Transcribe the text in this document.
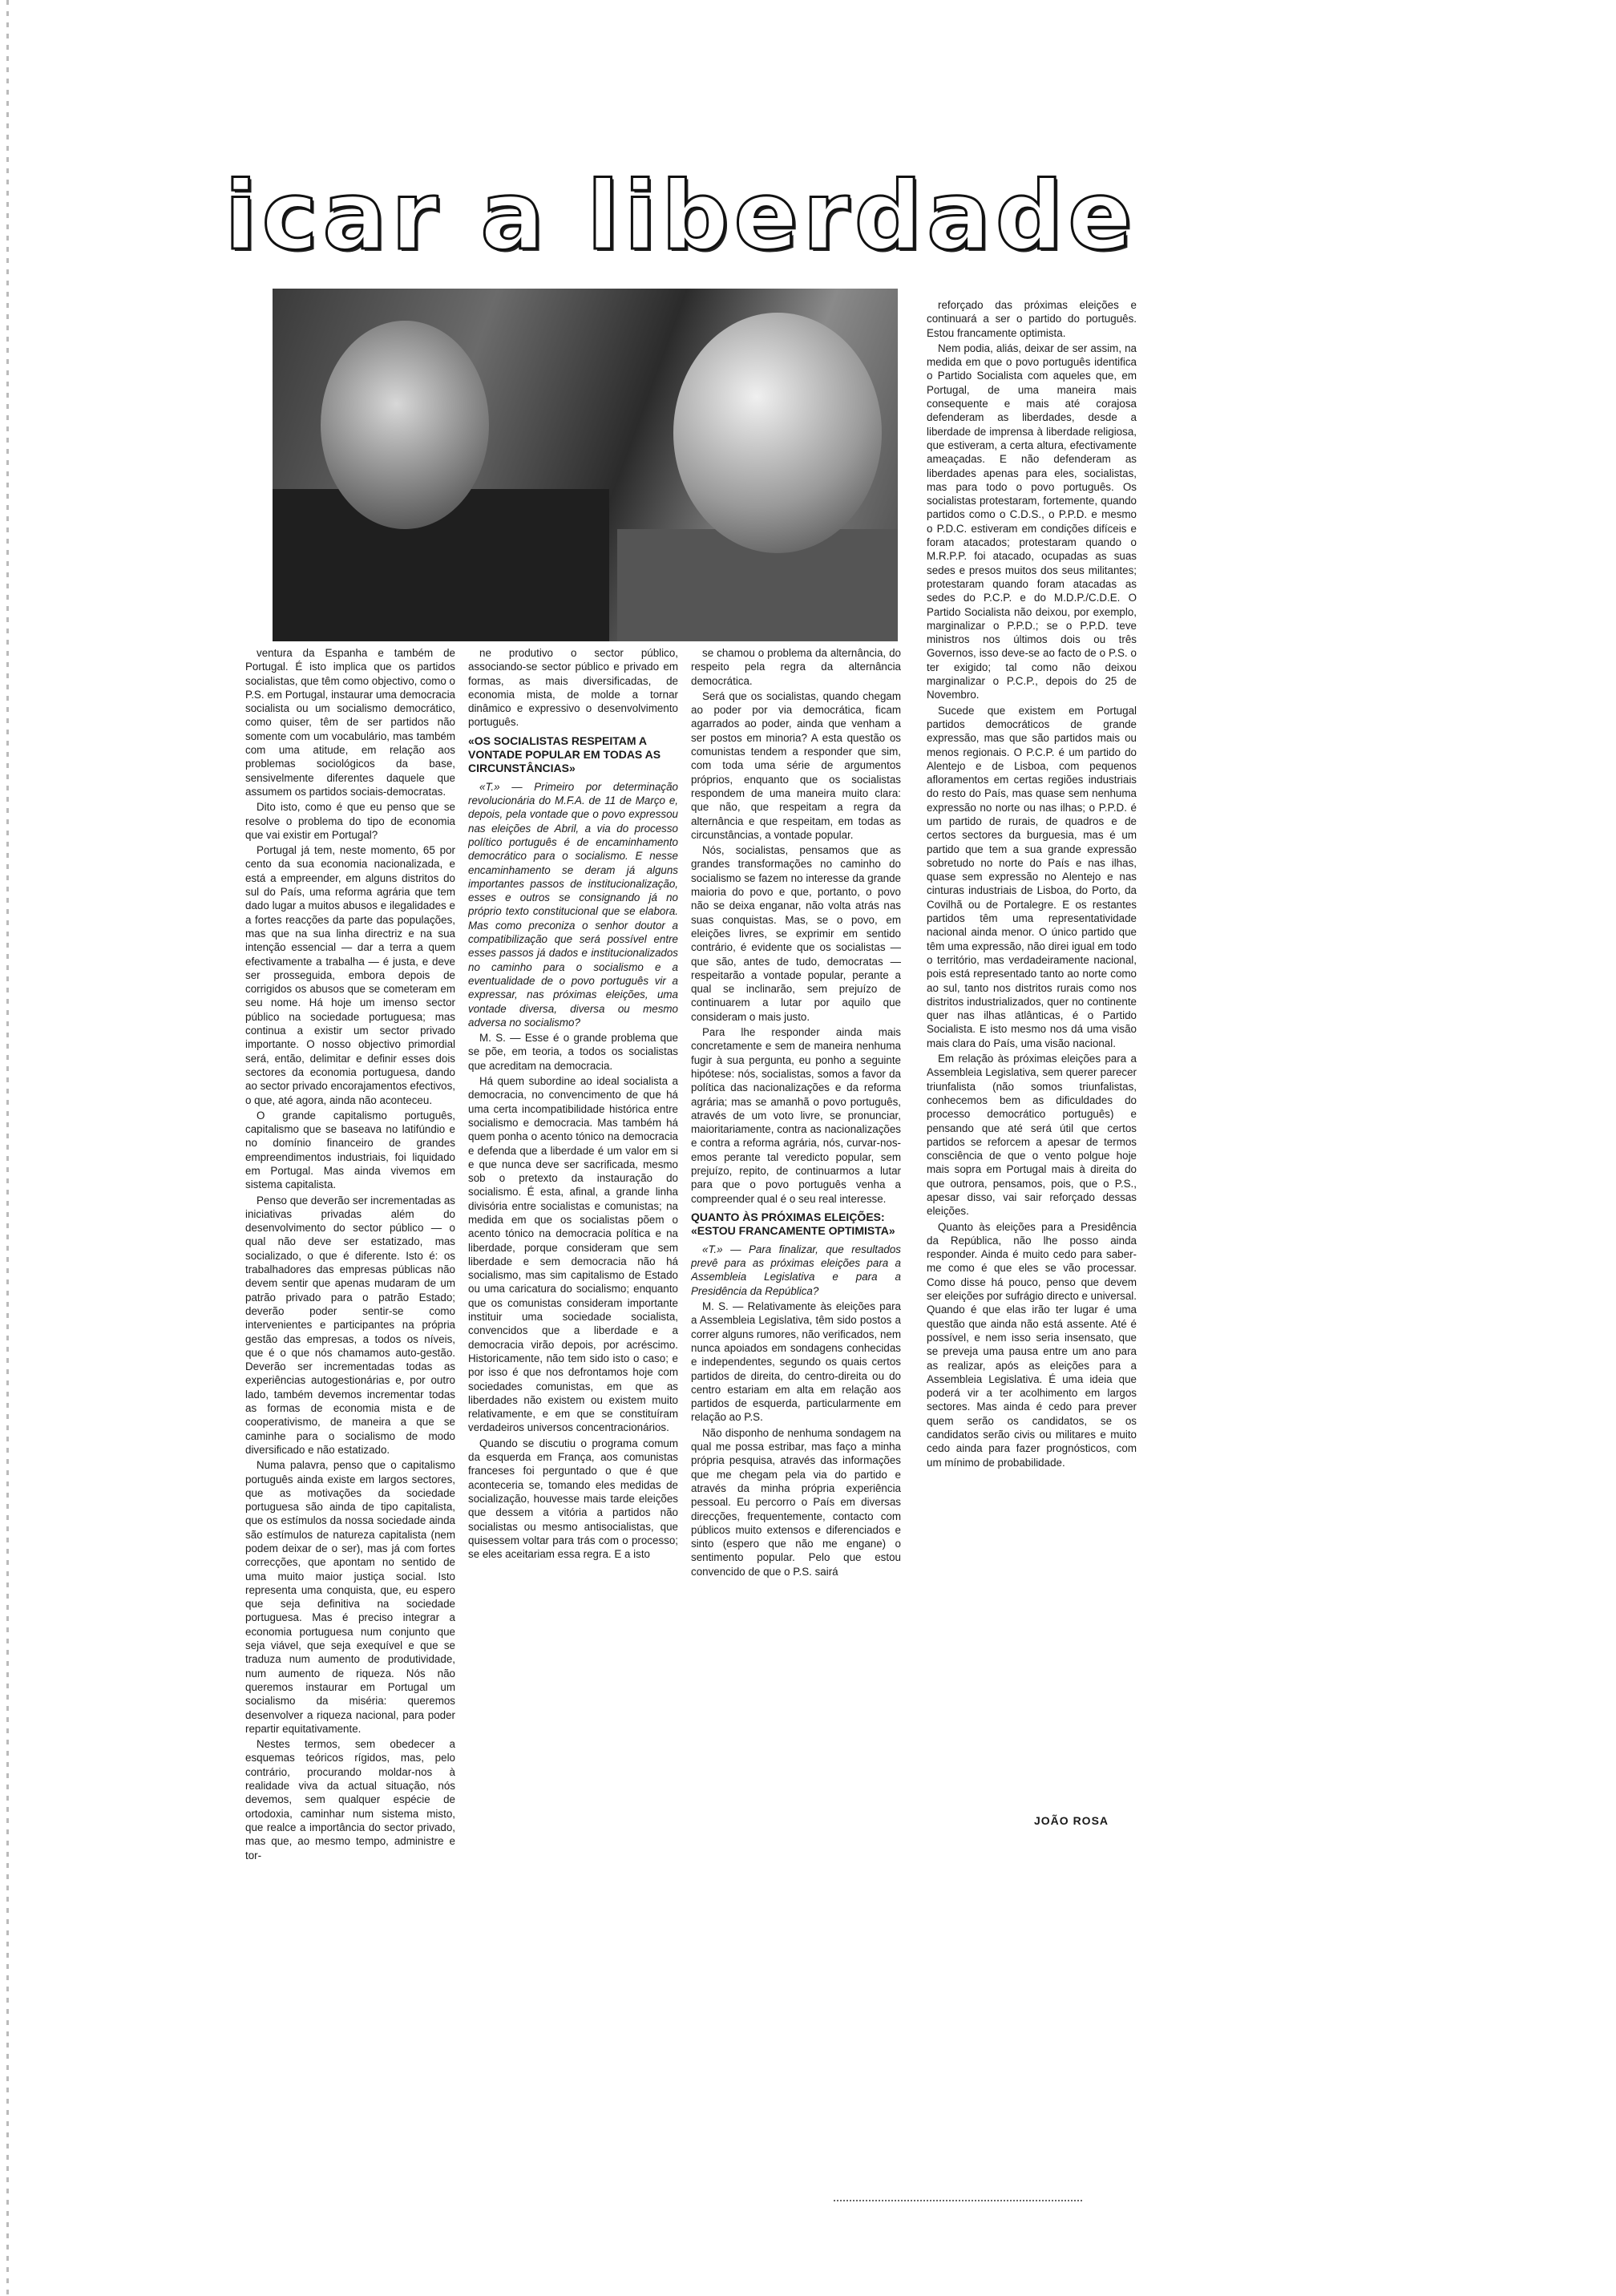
icar a liberdade

ventura da Espanha e também de Portugal. É isto implica que os partidos socialistas, que têm como objectivo, como o P.S. em Portugal, instaurar uma democracia socialista ou um socialismo democrático, como quiser, têm de ser partidos não somente com um vocabulário, mas também com uma atitude, em relação aos problemas sociológicos da base, sensivelmente diferentes daquele que assumem os partidos sociais-democratas.

Dito isto, como é que eu penso que se resolve o problema do tipo de economia que vai existir em Portugal?

Portugal já tem, neste momento, 65 por cento da sua economia nacionalizada, e está a empreender, em alguns distritos do sul do País, uma reforma agrária que tem dado lugar a muitos abusos e ilegalidades e a fortes reacções da parte das populações, mas que na sua linha directriz e na sua intenção essencial — dar a terra a quem efectivamente a trabalha — é justa, e deve ser prosseguida, embora depois de corrigidos os abusos que se cometeram em seu nome. Há hoje um imenso sector público na sociedade portuguesa; mas continua a existir um sector privado importante. O nosso objectivo primordial será, então, delimitar e definir esses dois sectores da economia portuguesa, dando ao sector privado encorajamentos efectivos, o que, até agora, ainda não aconteceu.

O grande capitalismo português, capitalismo que se baseava no latifúndio e no domínio financeiro de grandes empreendimentos industriais, foi liquidado em Portugal. Mas ainda vivemos em sistema capitalista.

Penso que deverão ser incrementadas as iniciativas privadas além do desenvolvimento do sector público — o qual não deve ser estatizado, mas socializado, o que é diferente. Isto é: os trabalhadores das empresas públicas não devem sentir que apenas mudaram de um patrão privado para o patrão Estado; deverão poder sentir-se como intervenientes e participantes na própria gestão das empresas, a todos os níveis, que é o que nós chamamos auto-gestão. Deverão ser incrementadas todas as experiências autogestionárias e, por outro lado, também devemos incrementar todas as formas de economia mista e de cooperativismo, de maneira a que se caminhe para o socialismo de modo diversificado e não estatizado.

Numa palavra, penso que o capitalismo português ainda existe em largos sectores, que as motivações da sociedade portuguesa são ainda de tipo capitalista, que os estímulos da nossa sociedade ainda são estímulos de natureza capitalista (nem podem deixar de o ser), mas já com fortes correcções, que apontam no sentido de uma muito maior justiça social. Isto representa uma conquista, que, eu espero que seja definitiva na sociedade portuguesa. Mas é preciso integrar a economia portuguesa num conjunto que seja viável, que seja exequível e que se traduza num aumento de produtividade, num aumento de riqueza. Nós não queremos instaurar em Portugal um socialismo da miséria: queremos desenvolver a riqueza nacional, para poder repartir equitativamente.

Nestes termos, sem obedecer a esquemas teóricos rígidos, mas, pelo contrário, procurando moldar-nos à realidade viva da actual situação, nós devemos, sem qualquer espécie de ortodoxia, caminhar num sistema misto, que realce a importância do sector privado, mas que, ao mesmo tempo, administre e tor-

ne produtivo o sector público, associando-se sector público e privado em formas, as mais diversificadas, de economia mista, de molde a tornar dinâmico e expressivo o desenvolvimento português.

«OS SOCIALISTAS RESPEITAM A VONTADE POPULAR EM TODAS AS CIRCUNSTÂNCIAS»

«T.» — Primeiro por determinação revolucionária do M.F.A. de 11 de Março e, depois, pela vontade que o povo expressou nas eleições de Abril, a via do processo político português é de encaminhamento democrático para o socialismo. E nesse encaminhamento se deram já alguns importantes passos de institucionalização, esses e outros se consignando já no próprio texto constitucional que se elabora. Mas como preconiza o senhor doutor a compatibilização que será possível entre esses passos já dados e institucionalizados no caminho para o socialismo e a eventualidade de o povo português vir a expressar, nas próximas eleições, uma vontade diversa, diversa ou mesmo adversa no socialismo?

M. S. — Esse é o grande problema que se põe, em teoria, a todos os socialistas que acreditam na democracia.

Há quem subordine ao ideal socialista a democracia, no convencimento de que há uma certa incompatibilidade histórica entre socialismo e democracia. Mas também há quem ponha o acento tónico na democracia e defenda que a liberdade é um valor em si e que nunca deve ser sacrificada, mesmo sob o pretexto da instauração do socialismo. É esta, afinal, a grande linha divisória entre socialistas e comunistas; na medida em que os socialistas põem o acento tónico na democracia política e na liberdade, porque consideram que sem liberdade e sem democracia não há socialismo, mas sim capitalismo de Estado ou uma caricatura do socialismo; enquanto que os comunistas consideram importante instituir uma sociedade socialista, convencidos que a liberdade e a democracia virão depois, por acréscimo. Historicamente, não tem sido isto o caso; e por isso é que nos defrontamos hoje com sociedades comunistas, em que as liberdades não existem ou existem muito relativamente, e em que se constituíram verdadeiros universos concentracionários.

Quando se discutiu o programa comum da esquerda em França, aos comunistas franceses foi perguntado o que é que aconteceria se, tomando eles medidas de socialização, houvesse mais tarde eleições que dessem a vitória a partidos não socialistas ou mesmo antisocialistas, que quisessem voltar para trás com o processo; se eles aceitariam essa regra. E a isto

se chamou o problema da alternância, do respeito pela regra da alternância democrática.

Será que os socialistas, quando chegam ao poder por via democrática, ficam agarrados ao poder, ainda que venham a ser postos em minoria? A esta questão os comunistas tendem a responder que sim, com toda uma série de argumentos próprios, enquanto que os socialistas respondem de uma maneira muito clara: que não, que respeitam a regra da alternância e que respeitam, em todas as circunstâncias, a vontade popular.

Nós, socialistas, pensamos que as grandes transformações no caminho do socialismo se fazem no interesse da grande maioria do povo e que, portanto, o povo não se deixa enganar, não volta atrás nas suas conquistas. Mas, se o povo, em eleições livres, se exprimir em sentido contrário, é evidente que os socialistas — que são, antes de tudo, democratas — respeitarão a vontade popular, perante a qual se inclinarão, sem prejuízo de continuarem a lutar por aquilo que consideram o mais justo.

Para lhe responder ainda mais concretamente e sem de maneira nenhuma fugir à sua pergunta, eu ponho a seguinte hipótese: nós, socialistas, somos a favor da política das nacionalizações e da reforma agrária; mas se amanhã o povo português, através de um voto livre, se pronunciar, maioritariamente, contra as nacionalizações e contra a reforma agrária, nós, curvar-nos-emos perante tal veredicto popular, sem prejuízo, repito, de continuarmos a lutar para que o povo português venha a compreender qual é o seu real interesse.

QUANTO ÀS PRÓXIMAS ELEIÇÕES: «ESTOU FRANCAMENTE OPTIMISTA»

«T.» — Para finalizar, que resultados prevê para as próximas eleições para a Assembleia Legislativa e para a Presidência da República?

M. S. — Relativamente às eleições para a Assembleia Legislativa, têm sido postos a correr alguns rumores, não verificados, nem nunca apoiados em sondagens conhecidas e independentes, segundo os quais certos partidos de direita, do centro-direita ou do centro estariam em alta em relação aos partidos de esquerda, particularmente em relação ao P.S.

Não disponho de nenhuma sondagem na qual me possa estribar, mas faço a minha própria pesquisa, através das informações que me chegam pela via do partido e através da minha própria experiência pessoal. Eu percorro o País em diversas direcções, frequentemente, contacto com públicos muito extensos e diferenciados e sinto (espero que não me engane) o sentimento popular. Pelo que estou convencido de que o P.S. sairá

reforçado das próximas eleições e continuará a ser o partido do português. Estou francamente optimista.

Nem podia, aliás, deixar de ser assim, na medida em que o povo português identifica o Partido Socialista com aqueles que, em Portugal, de uma maneira mais consequente e mais até corajosa defenderam as liberdades, desde a liberdade de imprensa à liberdade religiosa, que estiveram, a certa altura, efectivamente ameaçadas. E não defenderam as liberdades apenas para eles, socialistas, mas para todo o povo português. Os socialistas protestaram, fortemente, quando partidos como o C.D.S., o P.P.D. e mesmo o P.D.C. estiveram em condições difíceis e foram atacados; protestaram quando o M.R.P.P. foi atacado, ocupadas as suas sedes e presos muitos dos seus militantes; protestaram quando foram atacadas as sedes do P.C.P. e do M.D.P./C.D.E. O Partido Socialista não deixou, por exemplo, marginalizar o P.P.D.; se o P.P.D. teve ministros nos últimos dois ou três Governos, isso deve-se ao facto de o P.S. o ter exigido; tal como não deixou marginalizar o P.C.P., depois do 25 de Novembro.

Sucede que existem em Portugal partidos democráticos de grande expressão, mas que são partidos mais ou menos regionais. O P.C.P. é um partido do Alentejo e de Lisboa, com pequenos afloramentos em certas regiões industriais do resto do País, mas quase sem nenhuma expressão no norte ou nas ilhas; o P.P.D. é um partido de rurais, de quadros e de certos sectores da burguesia, mas é um partido que tem a sua grande expressão sobretudo no norte do País e nas ilhas, quase sem expressão no Alentejo e nas cinturas industriais de Lisboa, do Porto, da Covilhã ou de Portalegre. E os restantes partidos têm uma representatividade nacional ainda menor. O único partido que têm uma expressão, não direi igual em todo o território, mas verdadeiramente nacional, pois está representado tanto ao norte como ao sul, tanto nos distritos rurais como nos distritos industrializados, quer no continente quer nas ilhas atlânticas, é o Partido Socialista. E isto mesmo nos dá uma visão mais clara do País, uma visão nacional.

Em relação às próximas eleições para a Assembleia Legislativa, sem querer parecer triunfalista (não somos triunfalistas, conhecemos bem as dificuldades do processo democrático português) e pensando que até será útil que certos partidos se reforcem a apesar de termos consciência de que o vento polgue hoje mais sopra em Portugal mais à direita do que outrora, pensamos, pois, que o P.S., apesar disso, vai sair reforçado dessas eleições.

Quanto às eleições para a Presidência da República, não lhe posso ainda responder. Ainda é muito cedo para saber-me como é que eles se vão processar. Como disse há pouco, penso que devem ser eleições por sufrágio directo e universal. Quando é que elas irão ter lugar é uma questão que ainda não está assente. Até é possível, e nem isso seria insensato, que se preveja uma pausa entre um ano para as realizar, após as eleições para a Assembleia Legislativa. É uma ideia que poderá vir a ter acolhimento em largos sectores. Mas ainda é cedo para prever quem serão os candidatos, se os candidatos serão civis ou militares e muito cedo ainda para fazer prognósticos, com um mínimo de probabilidade.

JOÃO ROSA
